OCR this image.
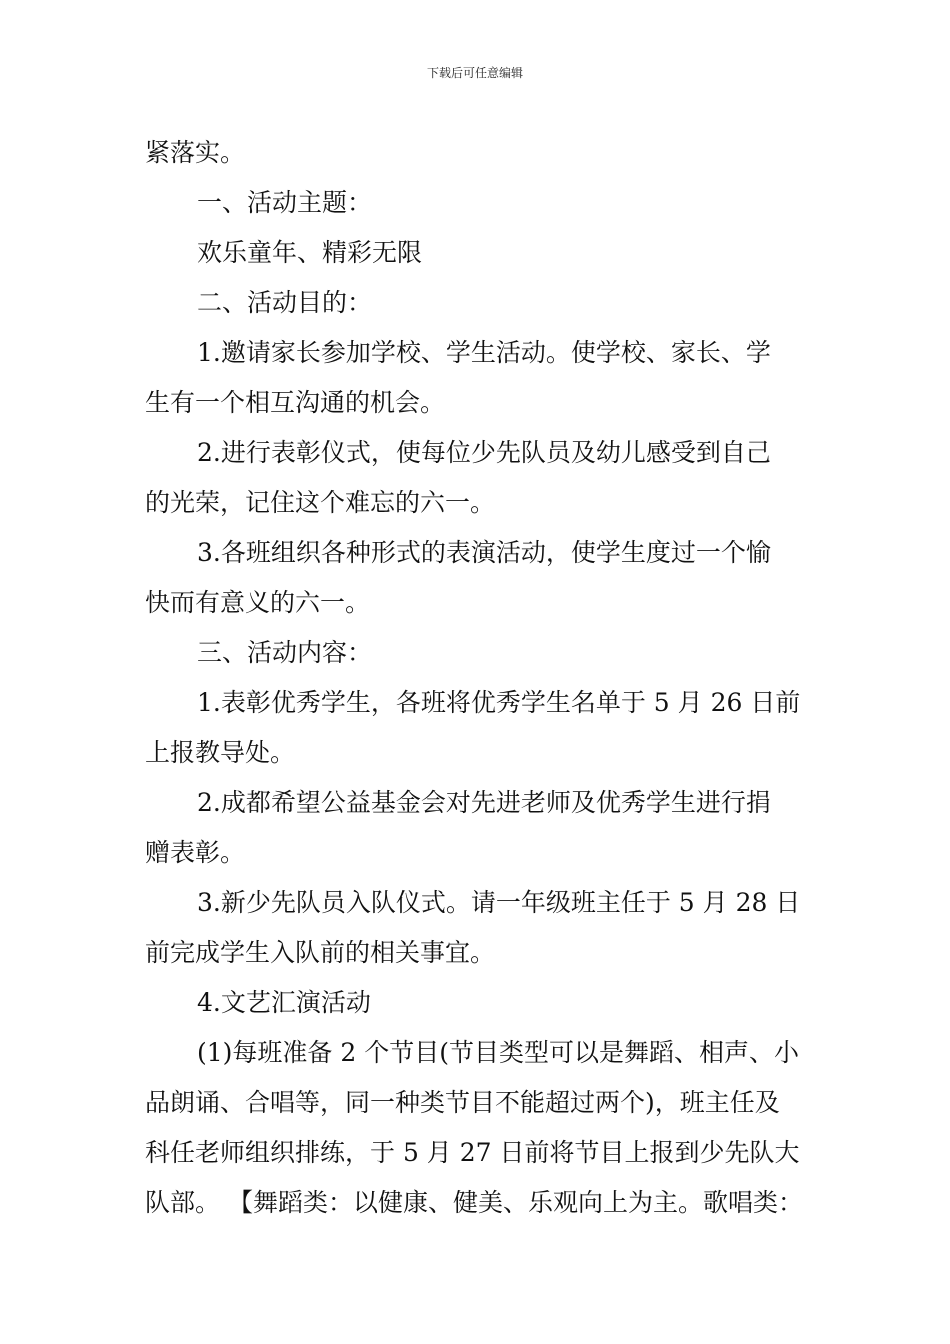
下载后可任意编辑
紧落实。
一、活动主题：
欢乐童年、精彩无限
二、活动目的：
1.邀请家长参加学校、学生活动。使学校、家长、学
生有一个相互沟通的机会。
2.进行表彰仪式，使每位少先队员及幼儿感受到自己
的光荣，记住这个难忘的六一。
3.各班组织各种形式的表演活动，使学生度过一个愉
快而有意义的六一。
三、活动内容：
1.表彰优秀学生，各班将优秀学生名单于 5 月 26 日前
上报教导处。
2.成都希望公益基金会对先进老师及优秀学生进行捐
赠表彰。
3.新少先队员入队仪式。请一年级班主任于 5 月 28 日
前完成学生入队前的相关事宜。
4.文艺汇演活动
(1)每班准备 2 个节目(节目类型可以是舞蹈、相声、小
品朗诵、合唱等，同一种类节目不能超过两个)，班主任及
科任老师组织排练，于 5 月 27 日前将节目上报到少先队大
队部。 【舞蹈类：以健康、健美、乐观向上为主。歌唱类：
